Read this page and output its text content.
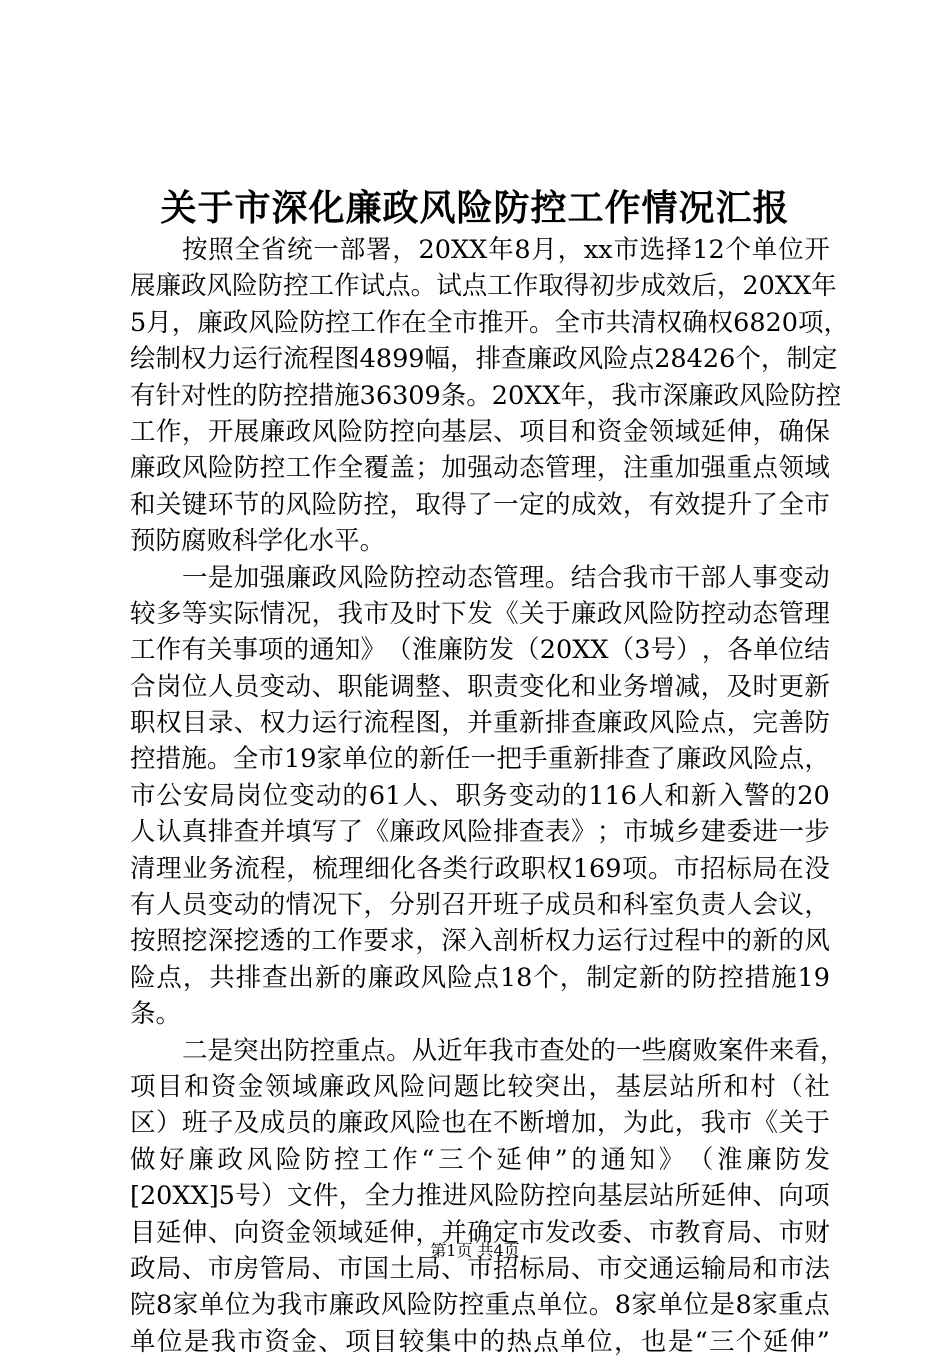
关于市深化廉政风险防控工作情况汇报
按 照 全 省 统 一 部 署 ， 20XX 年 8 月 ， xx 市 选 择 12 个 单 位 开
展 廉 政 风 险 防 控 工 作 试 点 。 试 点 工 作 取 得 初 步 成 效 后 ， 20XX 年
5 月 ， 廉 政 风 险 防 控 工 作 在 全 市 推 开 。 全 市 共 清 权 确 权 6820 项 ，
绘 制 权 力 运 行 流 程 图 4899 幅 ， 排 查 廉 政 风 险 点 28426 个 ， 制 定
有 针 对 性 的 防 控 措 施 36309 条 。 20XX 年 ， 我 市 深 廉 政 风 险 防 控
工 作 ， 开 展 廉 政 风 险 防 控 向 基 层 、 项 目 和 资 金 领 域 延 伸 ， 确 保
廉 政 风 险 防 控 工 作 全 覆 盖 ； 加 强 动 态 管 理 ， 注 重 加 强 重 点 领 域
和 关 键 环 节 的 风 险 防 控 ， 取 得 了 一 定 的 成 效 ， 有 效 提 升 了 全 市
预 防 腐 败 科 学 化 水 平 。
一 是 加 强 廉 政 风 险 防 控 动 态 管 理 。 结 合 我 市 干 部 人 事 变 动
较 多 等 实 际 情 况 ， 我 市 及 时 下 发 《 关 于 廉 政 风 险 防 控 动 态 管 理
工 作 有 关 事 项 的 通 知 》 （ 淮 廉 防 发 （ 20XX （ 3 号 ） ， 各 单 位 结
合 岗 位 人 员 变 动 、 职 能 调 整 、 职 责 变 化 和 业 务 增 减 ， 及 时 更 新
职 权 目 录 、 权 力 运 行 流 程 图 ， 并 重 新 排 查 廉 政 风 险 点 ， 完 善 防
控 措 施 。 全 市 19 家 单 位 的 新 任 一 把 手 重 新 排 查 了 廉 政 风 险 点 ，
市 公 安 局 岗 位 变 动 的 61 人 、 职 务 变 动 的 116 人 和 新 入 警 的 20
人 认 真 排 查 并 填 写 了 《 廉 政 风 险 排 查 表 》 ； 市 城 乡 建 委 进 一 步
清 理 业 务 流 程 ， 梳 理 细 化 各 类 行 政 职 权 169 项 。 市 招 标 局 在 没
有 人 员 变 动 的 情 况 下 ， 分 别 召 开 班 子 成 员 和 科 室 负 责 人 会 议 ，
按 照 挖 深 挖 透 的 工 作 要 求 ， 深 入 剖 析 权 力 运 行 过 程 中 的 新 的 风
险 点 ， 共 排 查 出 新 的 廉 政 风 险 点 18 个 ， 制 定 新 的 防 控 措 施 19
条 。
二 是 突 出 防 控 重 点 。 从 近 年 我 市 查 处 的 一 些 腐 败 案 件 来 看 ，
项 目 和 资 金 领 域 廉 政 风 险 问 题 比 较 突 出 ， 基 层 站 所 和 村 （ 社
区 ） 班 子 及 成 员 的 廉 政 风 险 也 在 不 断 增 加 ， 为 此 ， 我 市 《 关 于
做 好 廉 政 风 险 防 控 工 作 “ 三 个 延 伸 ” 的 通 知 》 （ 淮 廉 防 发
[20XX]5 号 ） 文 件 ， 全 力 推 进 风 险 防 控 向 基 层 站 所 延 伸 、 向 项
目 延 伸 、 向 资 金 领 域 延 伸 ， 并 确 定 市 发 改 委 、 市 教 育 局 、 市 财
政 局 、 市 房 管 局 、 市 国 土 局 、 市 招 标 局 、 市 交 通 运 输 局 和 市 法
院 8 家 单 位 为 我 市 廉 政 风 险 防 控 重 点 单 位 。 8 家 单 位 是 8 家 重 点
单 位 是 我 市 资 金 、 项 目 较 集 中 的 热 点 单 位 ， 也 是 “ 三 个 延 伸 ”
第1页 共4页
